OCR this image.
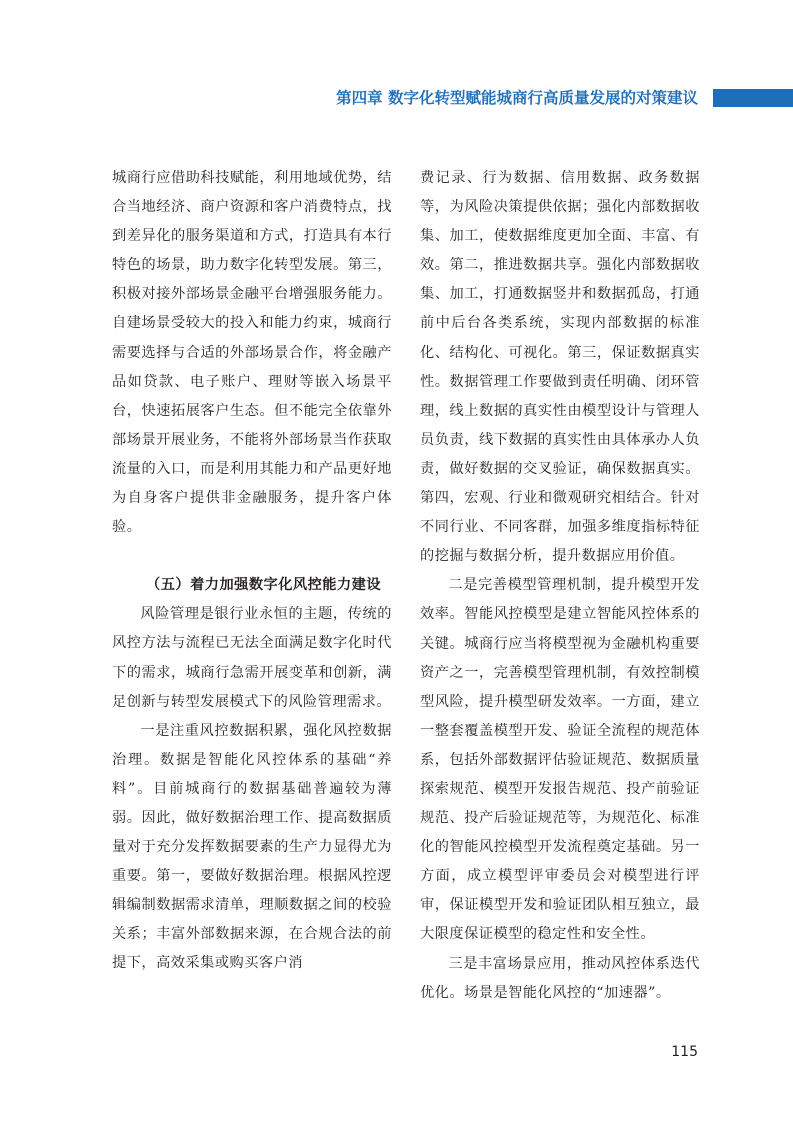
第四章 数字化转型赋能城商行高质量发展的对策建议

城商行应借助科技赋能，利用地域优势，结合当地经济、商户资源和客户消费特点，找到差异化的服务渠道和方式，打造具有本行特色的场景，助力数字化转型发展。第三，积极对接外部场景金融平台增强服务能力。自建场景受较大的投入和能力约束，城商行需要选择与合适的外部场景合作，将金融产品如贷款、电子账户、理财等嵌入场景平台，快速拓展客户生态。但不能完全依靠外部场景开展业务，不能将外部场景当作获取流量的入口，而是利用其能力和产品更好地为自身客户提供非金融服务，提升客户体验。

（五）着力加强数字化风控能力建设

风险管理是银行业永恒的主题，传统的风控方法与流程已无法全面满足数字化时代下的需求，城商行急需开展变革和创新，满足创新与转型发展模式下的风险管理需求。

一是注重风控数据积累，强化风控数据治理。数据是智能化风控体系的基础“养料”。目前城商行的数据基础普遍较为薄弱。因此，做好数据治理工作、提高数据质量对于充分发挥数据要素的生产力显得尤为重要。第一，要做好数据治理。根据风控逻辑编制数据需求清单，理顺数据之间的校验关系；丰富外部数据来源，在合规合法的前提下，高效采集或购买客户消

费记录、行为数据、信用数据、政务数据等，为风险决策提供依据；强化内部数据收集、加工，使数据维度更加全面、丰富、有效。第二，推进数据共享。强化内部数据收集、加工，打通数据竖井和数据孤岛，打通前中后台各类系统，实现内部数据的标准化、结构化、可视化。第三，保证数据真实性。数据管理工作要做到责任明确、闭环管理，线上数据的真实性由模型设计与管理人员负责，线下数据的真实性由具体承办人负责，做好数据的交叉验证，确保数据真实。第四，宏观、行业和微观研究相结合。针对不同行业、不同客群，加强多维度指标特征的挖掘与数据分析，提升数据应用价值。

二是完善模型管理机制，提升模型开发效率。智能风控模型是建立智能风控体系的关键。城商行应当将模型视为金融机构重要资产之一，完善模型管理机制，有效控制模型风险，提升模型研发效率。一方面，建立一整套覆盖模型开发、验证全流程的规范体系，包括外部数据评估验证规范、数据质量探索规范、模型开发报告规范、投产前验证规范、投产后验证规范等，为规范化、标准化的智能风控模型开发流程奠定基础。另一方面，成立模型评审委员会对模型进行评审，保证模型开发和验证团队相互独立，最大限度保证模型的稳定性和安全性。

三是丰富场景应用，推动风控体系迭代优化。场景是智能化风控的“加速器”。

115
